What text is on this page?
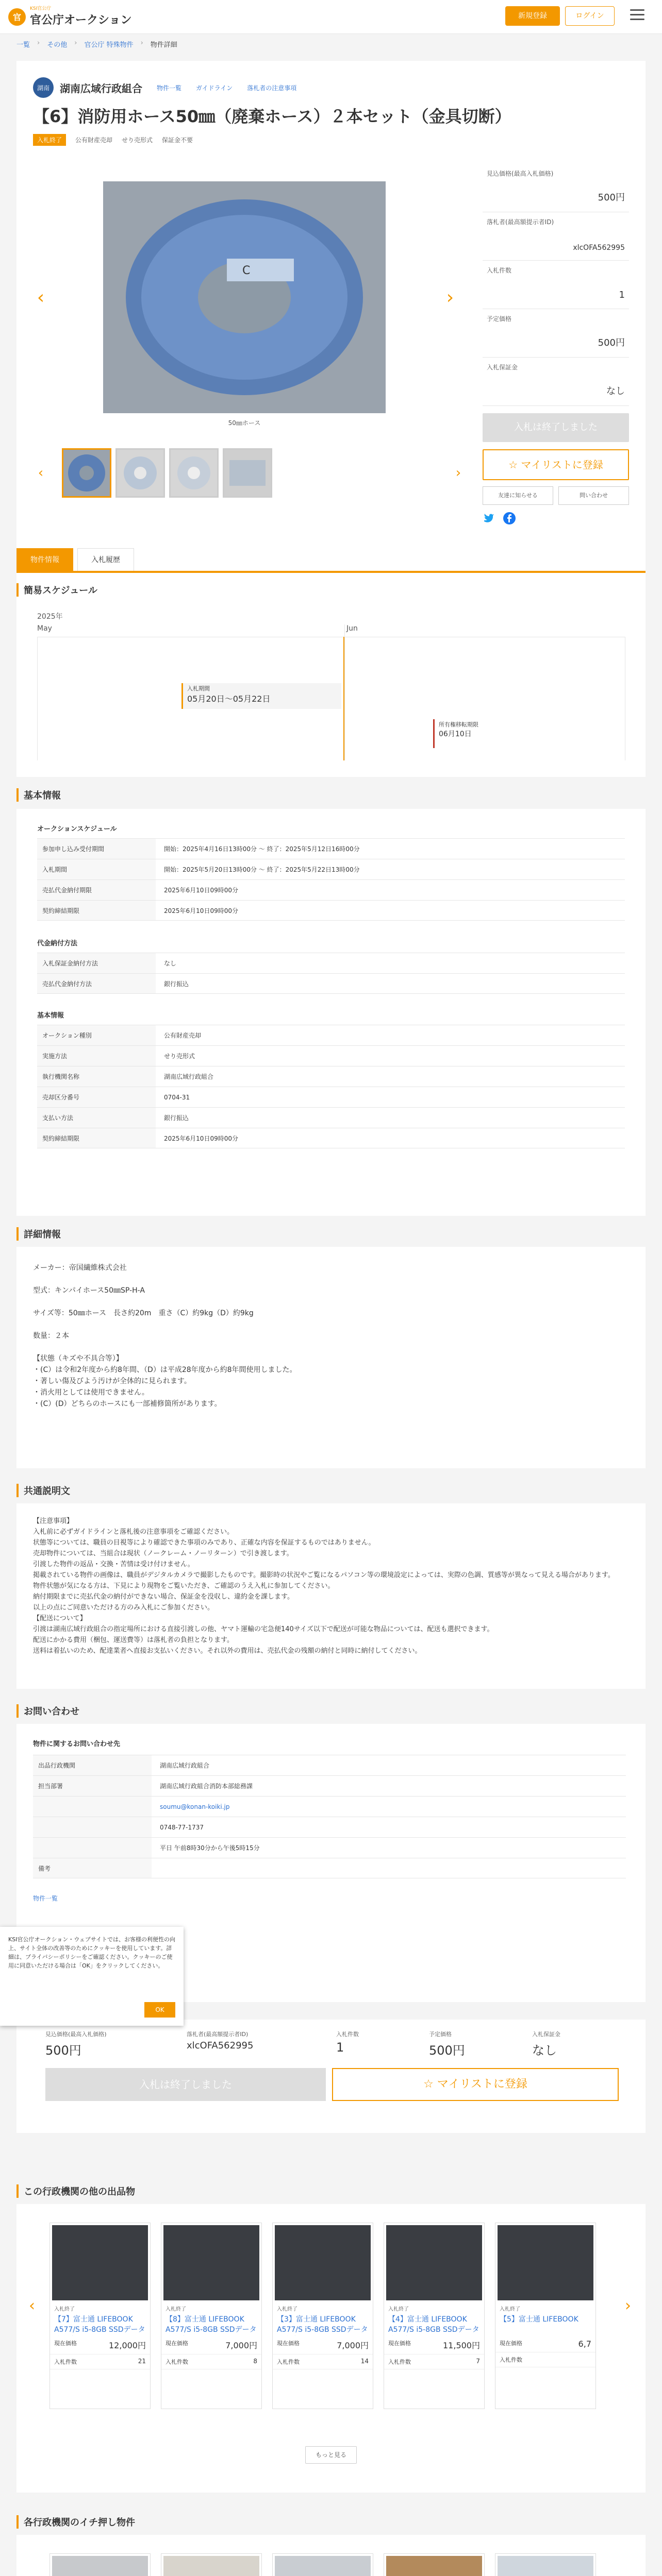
官
KSI官公庁
官公庁オークション	新規登録	ログイン
一覧 › その他 › 官公庁 特殊物件 › 物件詳細
湖南	湖南広域行政組合 物件一覧 ガイドライン 落札者の注意事項
【6】消防用ホース50㎜（廃棄ホース）２本セット（金具切断）
入札終了	公有財産売却 せり売形式 保証金不要
‹
C
50㎜ホース
›
‹	›
見込価格(最高入札価格)
500円
落札者(最高額提示者ID)
xlcOFA562995
入札件数
1
予定価格
500円
入札保証金
なし
入札は終了しました
☆ マイリストに登録
友達に知らせる	問い合わせ
物件情報	入札履歴
簡易スケジュール
2025年
May	Jun
入札期間
05月20日～05月22日
所有権移転期限
06月10日
基本情報
オークションスケジュール
参加申し込み受付期間	開始：2025年4月16日13時00分 ～ 終了：2025年5月12日16時00分
入札期間	開始：2025年5月20日13時00分 ～ 終了：2025年5月22日13時00分
売払代金納付期限	2025年6月10日09時00分
契約締結期限	2025年6月10日09時00分
代金納付方法
入札保証金納付方法	なし
売払代金納付方法	銀行振込
基本情報
オークション種別	公有財産売却
実施方法	せり売形式
執行機関名称	湖南広域行政組合
売却区分番号	0704-31
支払い方法	銀行振込
契約締結期限	2025年6月10日09時00分
詳細情報

メーカー：帝国繊維株式会社

型式：キンパイホース50㎜SP-H-A

サイズ等：50㎜ホース　長さ約20m　重さ（C）約9kg（D）約9kg

数量：２本

【状態（キズや不具合等）】

・(C）は令和2年度から約8年間、（D）は平成28年度から約8年間使用しました。

・著しい傷及びよう汚けが全体的に見られます。

・消火用としては使用できません。

・(C）(D）どちらのホースにも一部補修箇所があります。

共通説明文
【注意事項】
入札前に必ずガイドラインと落札後の注意事項をご確認ください。
状態等については、職員の目視等により確認できた事項のみであり、正確な内容を保証するものではありません。
売却物件については、当組合は現状（ノークレーム・ノーリターン）で引き渡します。
引渡した物件の返品・交換・苦情は受け付けません。
掲載されている物件の画像は、職員がデジタルカメラで撮影したものです。撮影時の状況やご覧になるパソコン等の環境設定によっては、実際の色調、質感等が異なって見える場合があります。
物件状態が気になる方は、下見により現物をご覧いただき、ご確認のうえ入札に参加してください。
納付期限までに売払代金の納付ができない場合、保証金を没収し、違約金を課します。
以上の点にご同意いただける方のみ入札にご参加ください。
【配送について】
引渡は湖南広域行政組合の指定場所における直接引渡しの他、ヤマト運輸の宅急便140サイズ以下で配送が可能な物品については、配送も選択できます。
配送にかかる費用（梱包、運送費等）は落札者の負担となります。
送料は着払いのため、配達業者へ直接お支払いください。それ以外の費用は、売払代金の残額の納付と同時に納付してください。
お問い合わせ
物件に関するお問い合わせ先
出品行政機関	湖南広域行政組合
担当部署	湖南広域行政組合消防本部総務課
soumu@konan-koiki.jp
0748-77-1737
平日 午前8時30分から午後5時15分
備考
物件一覧
KSI官公庁オークション・ウェブサイトでは、お客様の利便性の向上、サイト全体の改善等のためにクッキーを使用しています。詳細は、プライバシーポリシーをご確認ください。クッキーのご使用に同意いただける場合は「OK」をクリックしてください。
OK
見込価格(最高入札価格)
500円
落札者(最高額提示者ID)
xlcOFA562995
入札件数
1
予定価格
500円
入札保証金
なし
入札は終了しました	☆ マイリストに登録
この行政機関の他の出品物
‹	入札終了
【7】富士通 LIFEBOOK A577/S i5-8GB SSDデータ
現在価格	12,000円
入札件数	21
入札終了
【8】富士通 LIFEBOOK A577/S i5-8GB SSDデータ
現在価格	7,000円
入札件数	8
入札終了
【3】富士通 LIFEBOOK A577/S i5-8GB SSDデータ
現在価格	7,000円
入札件数	14
入札終了
【4】富士通 LIFEBOOK A577/S i5-8GB SSDデータ
現在価格	11,500円
入札件数	7
入札終了
【5】富士通 LIFEBOOK
現在価格	6,7
入札件数
›
もっと見る
各行政機関のイチ押し物件
